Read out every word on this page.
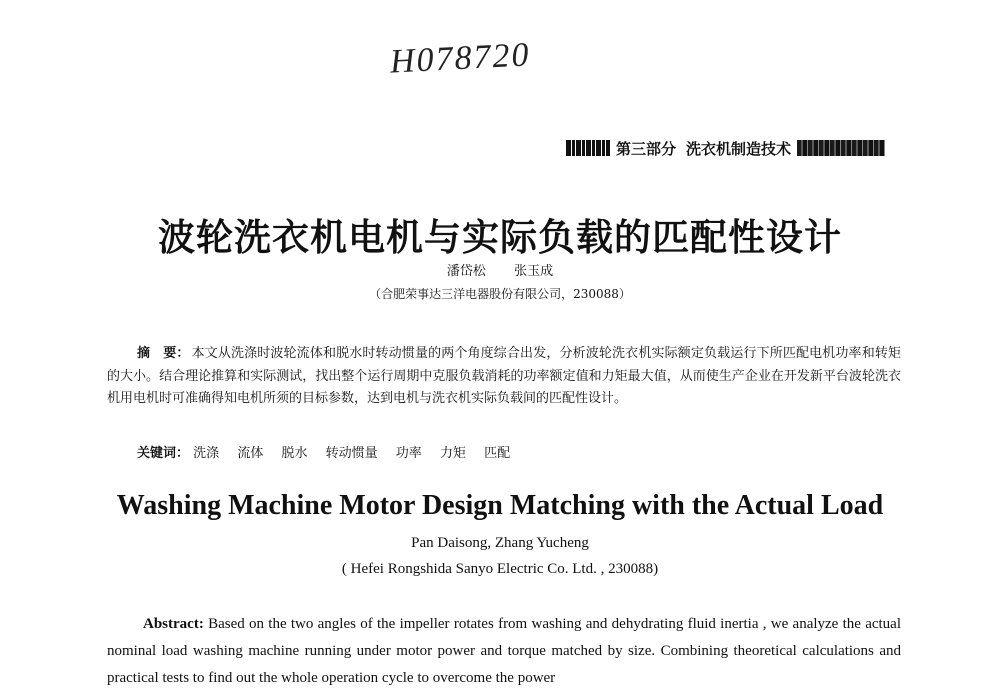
H078720
第三部分 洗衣机制造技术
波轮洗衣机电机与实际负载的匹配性设计
潘岱松 张玉成
（合肥荣事达三洋电器股份有限公司，230088）
摘　要： 本文从洗涤时波轮流体和脱水时转动惯量的两个角度综合出发，分析波轮洗衣机实际额定负载运行下所匹配电机功率和转矩的大小。结合理论推算和实际测试，找出整个运行周期中克服负载消耗的功率额定值和力矩最大值，从而使生产企业在开发新平台波轮洗衣机用电机时可准确得知电机所须的目标参数，达到电机与洗衣机实际负载间的匹配性设计。
关键词： 洗涤 流体 脱水 转动惯量 功率 力矩 匹配
Washing Machine Motor Design Matching with the Actual Load
Pan Daisong, Zhang Yucheng
( Hefei Rongshida Sanyo Electric Co. Ltd. , 230088)
Abstract: Based on the two angles of the impeller rotates from washing and dehydrating fluid inertia , we analyze the actual nominal load washing machine running under motor power and torque matched by size. Combining theoretical calculations and practical tests to find out the whole operation cycle to overcome the power
